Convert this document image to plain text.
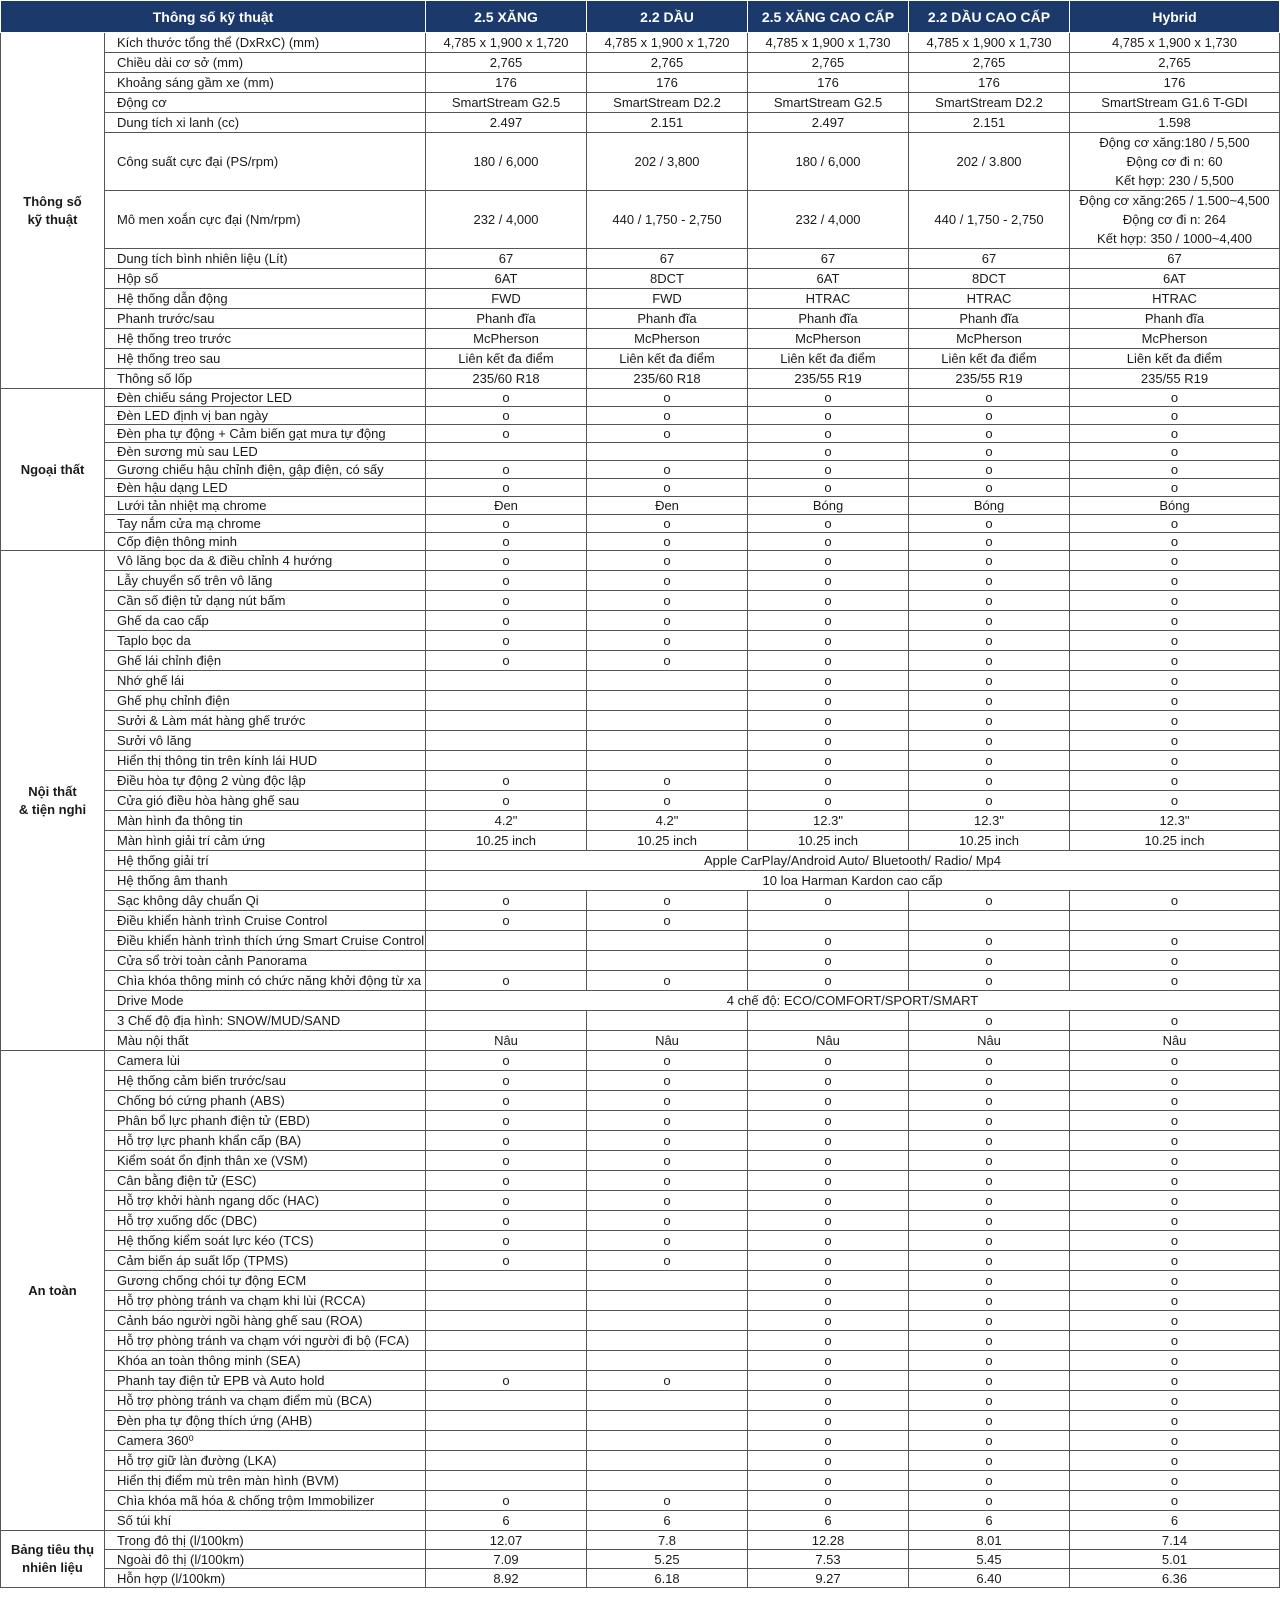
Thông số kỹ thuật		2.5 XĂNG	2.2 DẦU	2.5 XĂNG CAO CẤP	2.2 DẦU CAO CẤP	Hybrid
Thông số
kỹ thuật	Kích thước tổng thể (DxRxC) (mm)	4,785 x 1,900 x 1,720	4,785 x 1,900 x 1,720	4,785 x 1,900 x 1,730	4,785 x 1,900 x 1,730	4,785 x 1,900 x 1,730
	Chiều dài cơ sở (mm)	2,765	2,765	2,765	2,765	2,765
	Khoảng sáng gầm xe (mm)	176	176	176	176	176
	Động cơ	SmartStream G2.5	SmartStream D2.2	SmartStream G2.5	SmartStream D2.2	SmartStream G1.6 T-GDI
	Dung tích xi lanh (cc)	2.497	2.151	2.497	2.151	1.598
	Công suất cực đại (PS/rpm)	180 / 6,000	202 / 3,800	180 / 6,000	202 / 3.800	Động cơ xăng:180 / 5,500
Động cơ đi n: 60
Kết hợp: 230 / 5,500
	Mô men xoắn cực đại (Nm/rpm)	232 / 4,000	440 / 1,750 - 2,750	232 / 4,000	440 / 1,750 - 2,750	Động cơ xăng:265 / 1.500~4,500
Động cơ đi n: 264
Kết hợp: 350 / 1000~4,400
	Dung tích bình nhiên liệu (Lít)	67	67	67	67	67
	Hộp số	6AT	8DCT	6AT	8DCT	6AT
	Hệ thống dẫn động	FWD	FWD	HTRAC	HTRAC	HTRAC
	Phanh trước/sau	Phanh đĩa	Phanh đĩa	Phanh đĩa	Phanh đĩa	Phanh đĩa
	Hệ thống treo trước	McPherson	McPherson	McPherson	McPherson	McPherson
	Hệ thống treo sau	Liên kết đa điểm	Liên kết đa điểm	Liên kết đa điểm	Liên kết đa điểm	Liên kết đa điểm
	Thông số lốp	235/60 R18	235/60 R18	235/55 R19	235/55 R19	235/55 R19
Ngoại thất	Đèn chiếu sáng Projector LED	o	o	o	o	o
	Đèn LED định vị ban ngày	o	o	o	o	o
	Đèn pha tự động + Cảm biến gạt mưa tự động	o	o	o	o	o
	Đèn sương mù sau LED			o	o	o
	Gương chiếu hậu chỉnh điện, gập điện, có sấy	o	o	o	o	o
	Đèn hậu dạng LED	o	o	o	o	o
	Lưới tản nhiệt mạ chrome	Đen	Đen	Bóng	Bóng	Bóng
	Tay nắm cửa mạ chrome	o	o	o	o	o
	Cốp điện thông minh	o	o	o	o	o
Nội thất
& tiện nghi	Vô lăng bọc da & điều chỉnh 4 hướng	o	o	o	o	o
	Lẫy chuyển số trên vô lăng	o	o	o	o	o
	Cần số điện tử dạng nút bấm	o	o	o	o	o
	Ghế da cao cấp	o	o	o	o	o
	Taplo bọc da	o	o	o	o	o
	Ghế lái chỉnh điện	o	o	o	o	o
	Nhớ ghế lái			o	o	o
	Ghế phụ chỉnh điện			o	o	o
	Sưởi & Làm mát hàng ghế trước			o	o	o
	Sưởi vô lăng			o	o	o
	Hiển thị thông tin trên kính lái HUD			o	o	o
	Điều hòa tự động 2 vùng độc lập	o	o	o	o	o
	Cửa gió điều hòa hàng ghế sau	o	o	o	o	o
	Màn hình đa thông tin	4.2"	4.2"	12.3"	12.3"	12.3"
	Màn hình giải trí cảm ứng	10.25 inch	10.25 inch	10.25 inch	10.25 inch	10.25 inch
	Hệ thống giải trí	Apple CarPlay/Android Auto/ Bluetooth/ Radio/ Mp4				
	Hệ thống âm thanh	10 loa Harman Kardon cao cấp				
	Sạc không dây chuẩn Qi	o	o	o	o	o
	Điều khiển hành trình Cruise Control	o	o			
	Điều khiển hành trình thích ứng Smart Cruise Control			o	o	o
	Cửa sổ trời toàn cảnh Panorama			o	o	o
	Chìa khóa thông minh có chức năng khởi động từ xa	o	o	o	o	o
	Drive Mode	4 chế độ: ECO/COMFORT/SPORT/SMART				
	3 Chế độ địa hình: SNOW/MUD/SAND				o	o
	Màu nội thất	Nâu	Nâu	Nâu	Nâu	Nâu
An toàn	Camera lùi	o	o	o	o	o
	Hệ thống cảm biến trước/sau	o	o	o	o	o
	Chống bó cứng phanh (ABS)	o	o	o	o	o
	Phân bổ lực phanh điện tử (EBD)	o	o	o	o	o
	Hỗ trợ lực phanh khẩn cấp (BA)	o	o	o	o	o
	Kiểm soát ổn định thân xe (VSM)	o	o	o	o	o
	Cân bằng điện tử (ESC)	o	o	o	o	o
	Hỗ trợ khởi hành ngang dốc (HAC)	o	o	o	o	o
	Hỗ trợ xuống dốc (DBC)	o	o	o	o	o
	Hệ thống kiểm soát lực kéo (TCS)	o	o	o	o	o
	Cảm biến áp suất lốp (TPMS)	o	o	o	o	o
	Gương chống chói tự động ECM			o	o	o
	Hỗ trợ phòng tránh va chạm khi lùi (RCCA)			o	o	o
	Cảnh báo người ngồi hàng ghế sau (ROA)			o	o	o
	Hỗ trợ phòng tránh va chạm với người đi bộ (FCA)			o	o	o
	Khóa an toàn thông minh (SEA)			o	o	o
	Phanh tay điện tử EPB và Auto hold	o	o	o	o	o
	Hỗ trợ phòng tránh va chạm điểm mù (BCA)			o	o	o
	Đèn pha tự động thích ứng (AHB)			o	o	o
	Camera 360⁰			o	o	o
	Hỗ trợ giữ làn đường (LKA)			o	o	o
	Hiển thị điểm mù trên màn hình (BVM)			o	o	o
	Chìa khóa mã hóa & chống trộm Immobilizer	o	o	o	o	o
	Số túi khí	6	6	6	6	6
Bảng tiêu thụ
nhiên liệu	Trong đô thị (l/100km)	12.07	7.8	12.28	8.01	7.14
	Ngoài đô thị (l/100km)	7.09	5.25	7.53	5.45	5.01
	Hỗn hợp (l/100km)	8.92	6.18	9.27	6.40	6.36
